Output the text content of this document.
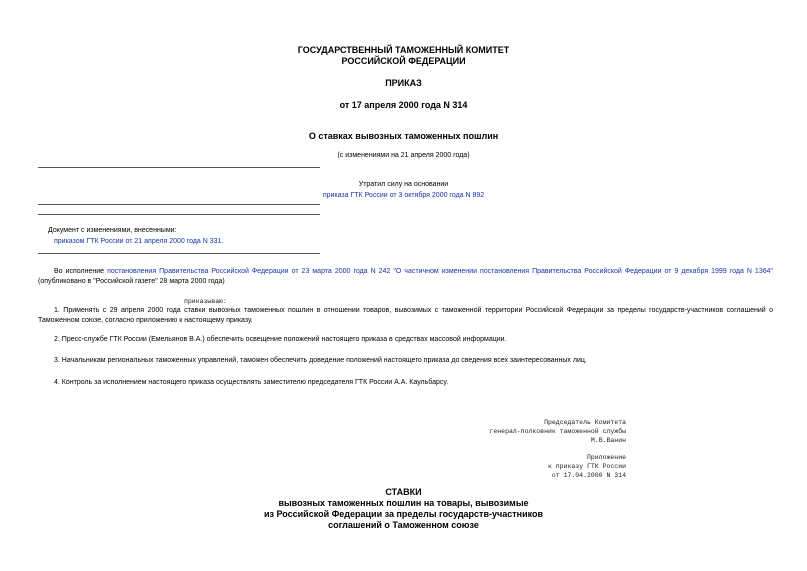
ГОСУДАРСТВЕННЫЙ ТАМОЖЕННЫЙ КОМИТЕТ
РОССИЙСКОЙ ФЕДЕРАЦИИ
ПРИКАЗ
от 17 апреля 2000 года N 314
О ставках вывозных таможенных пошлин
(с изменениями на 21 апреля 2000 года)
Утратил силу на основании
приказа ГТК России от 3 октября 2000 года N 892
Документ с изменениями, внесенными:
приказом ГТК России от 21 апреля 2000 года N 331.
Во исполнение постановления Правительства Российской Федерации от 23 марта 2000 года N 242 "О частичном изменении постановления Правительства Российской Федерации от 9 декабря 1999 года N 1364" (опубликовано в "Российской газете" 28 марта 2000 года)
приказываю:
1. Применять с 29 апреля 2000 года ставки вывозных таможенных пошлин в отношении товаров, вывозимых с таможенной территории Российской Федерации за пределы государств-участников соглашений о Таможенном союзе, согласно приложению к настоящему приказу.
2. Пресс-службе ГТК России (Емельянов В.А.) обеспечить освещение положений настоящего приказа в средствах массовой информации.
3. Начальникам региональных таможенных управлений, таможен обеспечить доведение положений настоящего приказа до сведения всех заинтересованных лиц.
4. Контроль за исполнением настоящего приказа осуществлять заместителю председателя ГТК России А.А. Каульбарсу.
Председатель Комитета
генерал-полковник таможенной службы
М.В.Ванин
Приложение
к приказу ГТК России
от 17.04.2000 N 314
СТАВКИ
вывозных таможенных пошлин на товары, вывозимые
из Российской Федерации за пределы государств-участников
соглашений о Таможенном союзе
